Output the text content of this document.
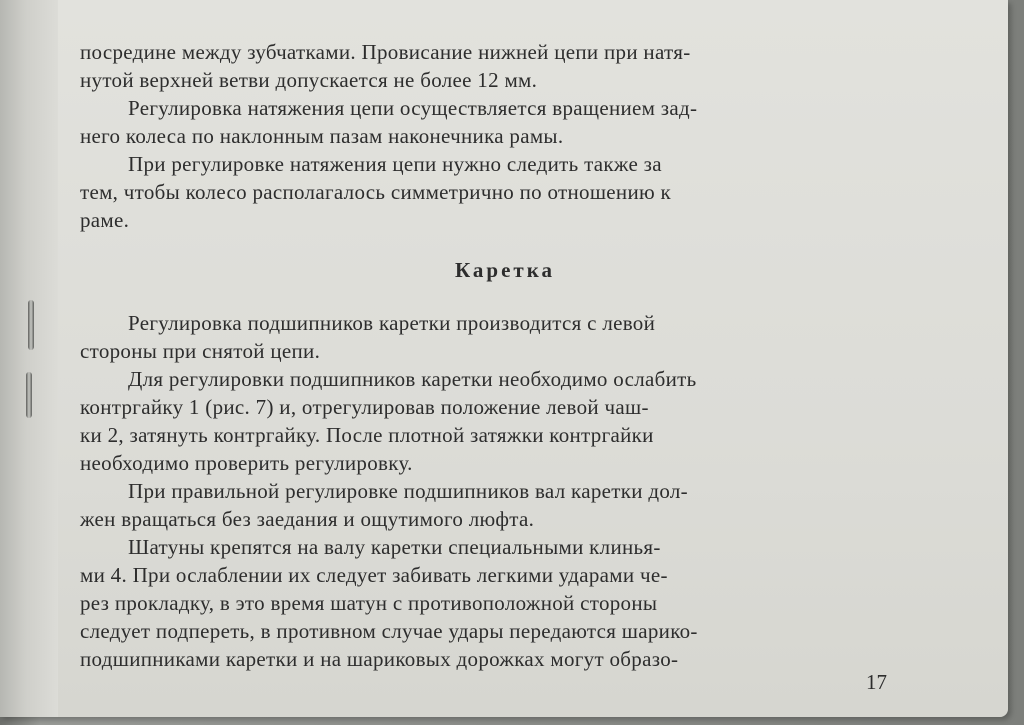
посредине между зубчатками. Провисание нижней цепи при натя-
нутой верхней ветви допускается не более 12 мм.
Регулировка натяжения цепи осуществляется вращением зад-
него колеса по наклонным пазам наконечника рамы.
При регулировке натяжения цепи нужно следить также за
тем, чтобы колесо располагалось симметрично по отношению к
раме.
Каретка
Регулировка подшипников каретки производится с левой
стороны при снятой цепи.
Для регулировки подшипников каретки необходимо ослабить
контргайку 1 (рис. 7) и, отрегулировав положение левой чаш-
ки 2, затянуть контргайку. После плотной затяжки контргайки
необходимо проверить регулировку.
При правильной регулировке подшипников вал каретки дол-
жен вращаться без заедания и ощутимого люфта.
Шатуны крепятся на валу каретки специальными клинья-
ми 4. При ослаблении их следует забивать легкими ударами че-
рез прокладку, в это время шатун с противоположной стороны
следует подпереть, в противном случае удары передаются шарико-
подшипниками каретки и на шариковых дорожках могут образо-
17
